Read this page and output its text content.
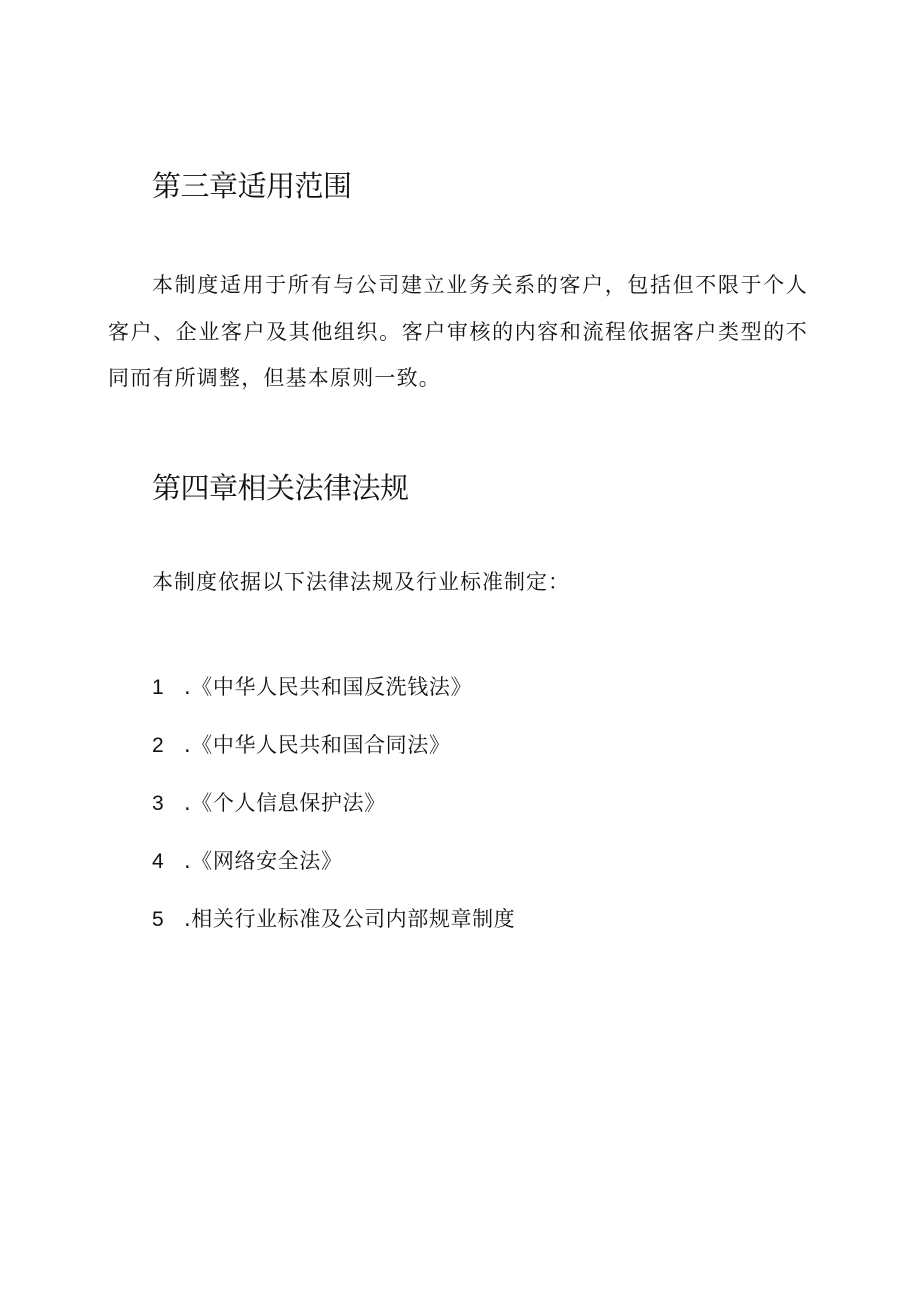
第三章适用范围

本制度适用于所有与公司建立业务关系的客户，包括但不限于个人客户、企业客户及其他组织。客户审核的内容和流程依据客户类型的不同而有所调整，但基本原则一致。

第四章相关法律法规

本制度依据以下法律法规及行业标准制定：

1 .《中华人民共和国反洗钱法》
2 .《中华人民共和国合同法》
3 .《个人信息保护法》
4 .《网络安全法》
5 .相关行业标准及公司内部规章制度
